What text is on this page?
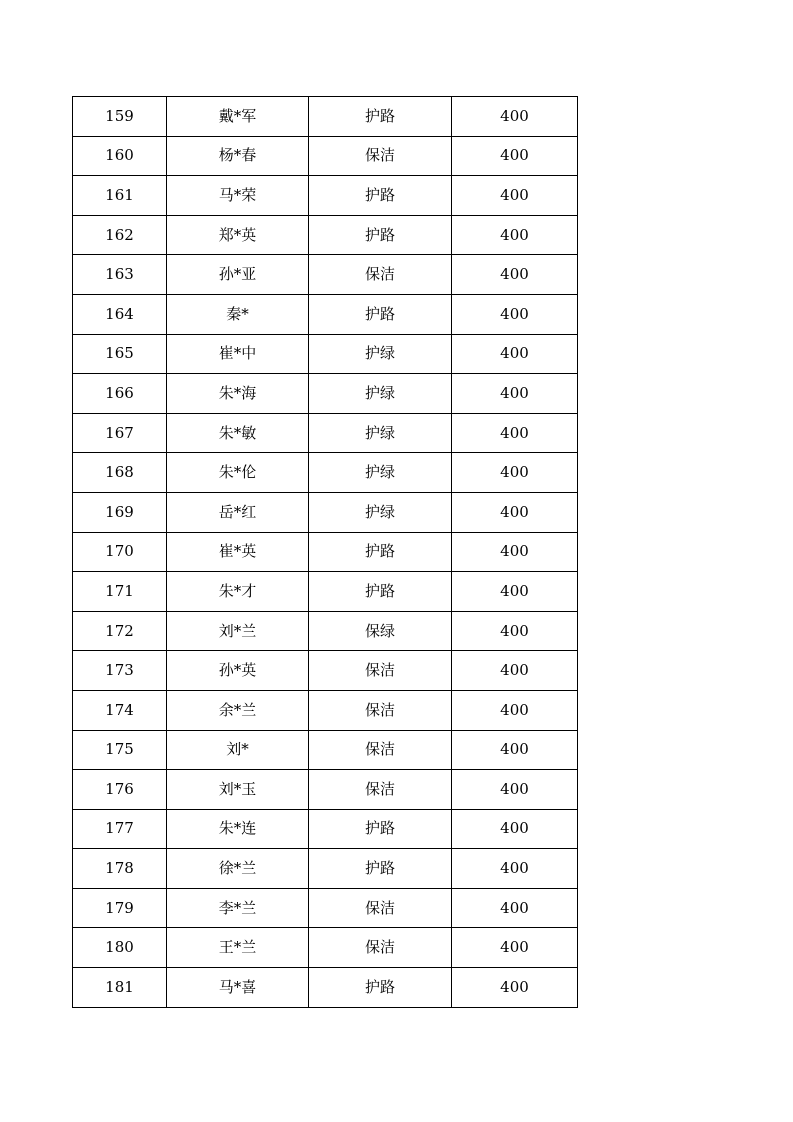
159	戴*军	护路	400
160	杨*春	保洁	400
161	马*荣	护路	400
162	郑*英	护路	400
163	孙*亚	保洁	400
164	秦*	护路	400
165	崔*中	护绿	400
166	朱*海	护绿	400
167	朱*敏	护绿	400
168	朱*伦	护绿	400
169	岳*红	护绿	400
170	崔*英	护路	400
171	朱*才	护路	400
172	刘*兰	保绿	400
173	孙*英	保洁	400
174	余*兰	保洁	400
175	刘*	保洁	400
176	刘*玉	保洁	400
177	朱*连	护路	400
178	徐*兰	护路	400
179	李*兰	保洁	400
180	王*兰	保洁	400
181	马*喜	护路	400
